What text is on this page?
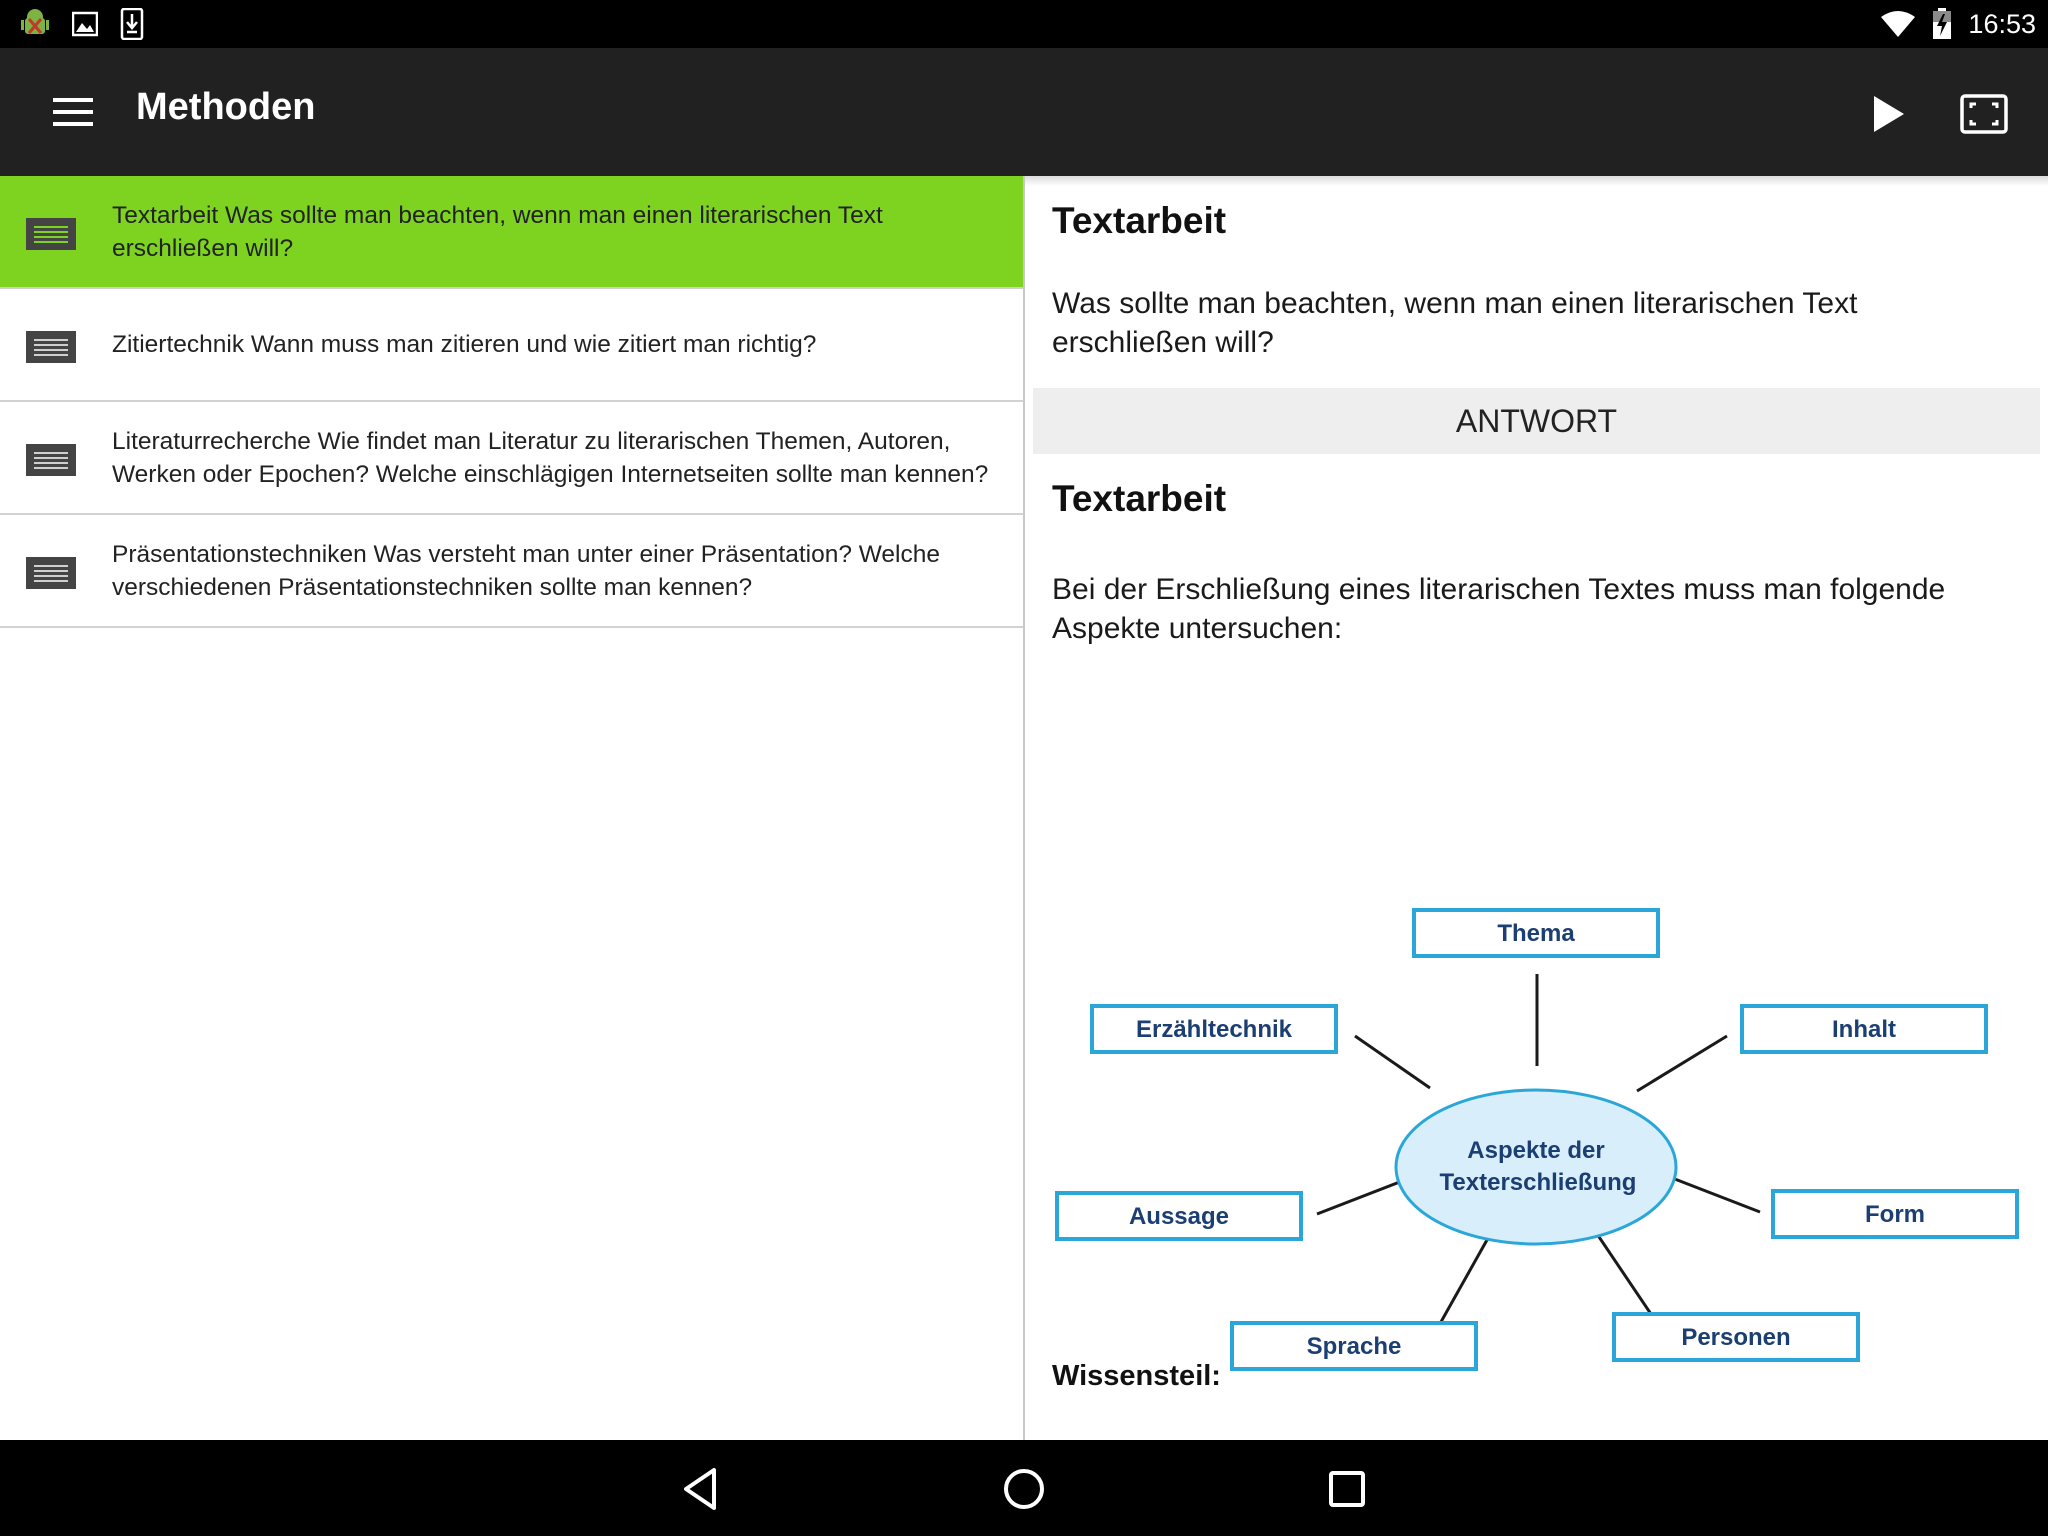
16:53
Methoden
Textarbeit Was sollte man beachten, wenn man einen literarischen Text erschließen will?
Zitiertechnik Wann muss man zitieren und wie zitiert man richtig?
Literaturrecherche Wie findet man Literatur zu literarischen Themen, Autoren, Werken oder Epochen? Welche einschlägigen Internetseiten sollte man kennen?
Präsentationstechniken Was versteht man unter einer Präsentation? Welche verschiedenen Präsentationstechniken sollte man kennen?
Textarbeit
Was sollte man beachten, wenn man einen literarischen Text erschließen will?
ANTWORT
Textarbeit
Bei der Erschließung eines literarischen Textes muss man folgende Aspekte untersuchen:
Aspekte der
Texterschließung
Thema
Inhalt
Form
Personen
Sprache
Aussage
Erzähltechnik
Wissensteil:
